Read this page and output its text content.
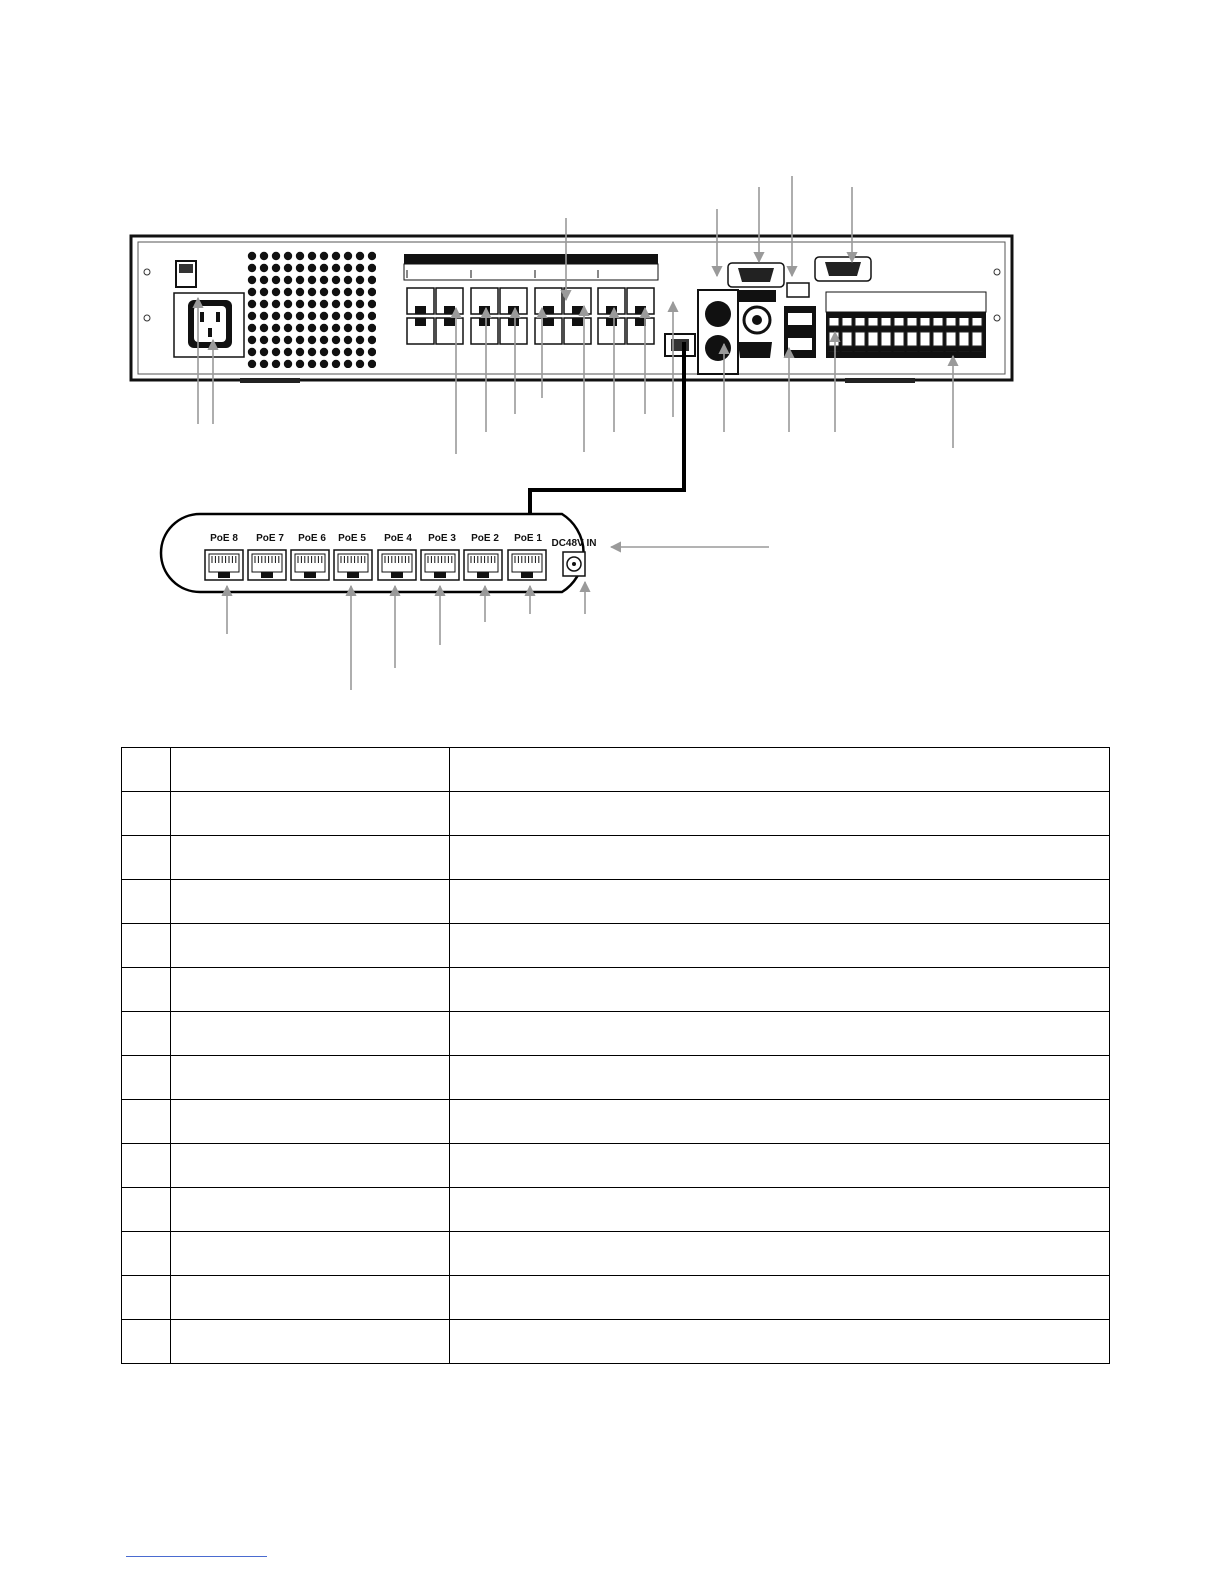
PoE 8 PoE 7 PoE 6 PoE 5 PoE 4 PoE 3 PoE 2 PoE 1 DC48V IN
